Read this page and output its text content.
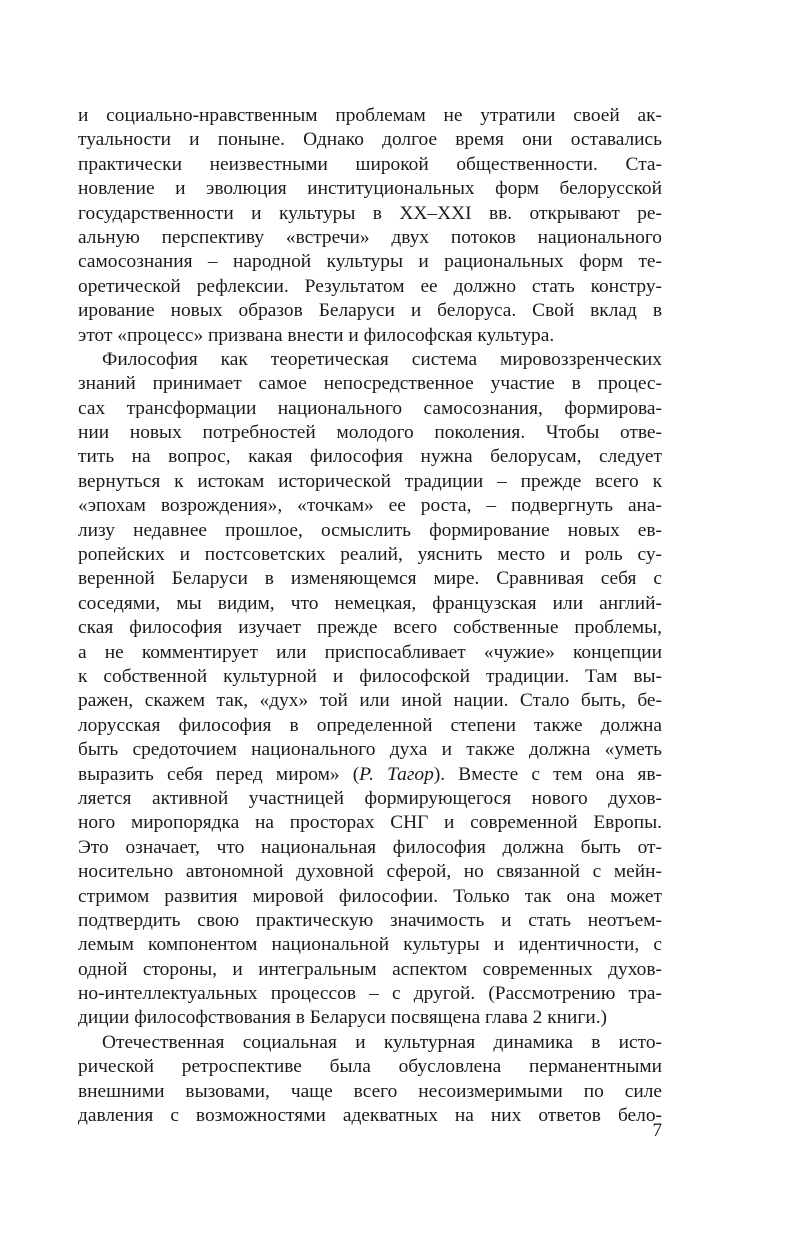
и социально-нравственным проблемам не утратили своей ак-
туальности и поныне. Однако долгое время они оставались
практически неизвестными широкой общественности. Ста-
новление и эволюция институциональных форм белорусской
государственности и культуры в XX–XXI вв. открывают ре-
альную перспективу «встречи» двух потоков национального
самосознания – народной культуры и рациональных форм те-
оретической рефлексии. Результатом ее должно стать констру-
ирование новых образов Беларуси и белоруса. Свой вклад в
этот «процесс» призвана внести и философская культура.
Философия как теоретическая система мировоззренческих
знаний принимает самое непосредственное участие в процес-
сах трансформации национального самосознания, формирова-
нии новых потребностей молодого поколения. Чтобы отве-
тить на вопрос, какая философия нужна белорусам, следует
вернуться к истокам исторической традиции – прежде всего к
«эпохам возрождения», «точкам» ее роста, – подвергнуть ана-
лизу недавнее прошлое, осмыслить формирование новых ев-
ропейских и постсоветских реалий, уяснить место и роль су-
веренной Беларуси в изменяющемся мире. Сравнивая себя с
соседями, мы видим, что немецкая, французская или англий-
ская философия изучает прежде всего собственные проблемы,
а не комментирует или приспосабливает «чужие» концепции
к собственной культурной и философской традиции. Там вы-
ражен, скажем так, «дух» той или иной нации. Стало быть, бе-
лорусская философия в определенной степени также должна
быть средоточием национального духа и также должна «уметь
выразить себя перед миром» (Р. Тагор). Вместе с тем она яв-
ляется активной участницей формирующегося нового духов-
ного миропорядка на просторах СНГ и современной Европы.
Это означает, что национальная философия должна быть от-
носительно автономной духовной сферой, но связанной с мейн-
стримом развития мировой философии. Только так она может
подтвердить свою практическую значимость и стать неотъем-
лемым компонентом национальной культуры и идентичности, с
одной стороны, и интегральным аспектом современных духов-
но-интеллектуальных процессов – с другой. (Рассмотрению тра-
диции философствования в Беларуси посвящена глава 2 книги.)
Отечественная социальная и культурная динамика в исто-
рической ретроспективе была обусловлена перманентными
внешними вызовами, чаще всего несоизмеримыми по силе
давления с возможностями адекватных на них ответов бело-
7
